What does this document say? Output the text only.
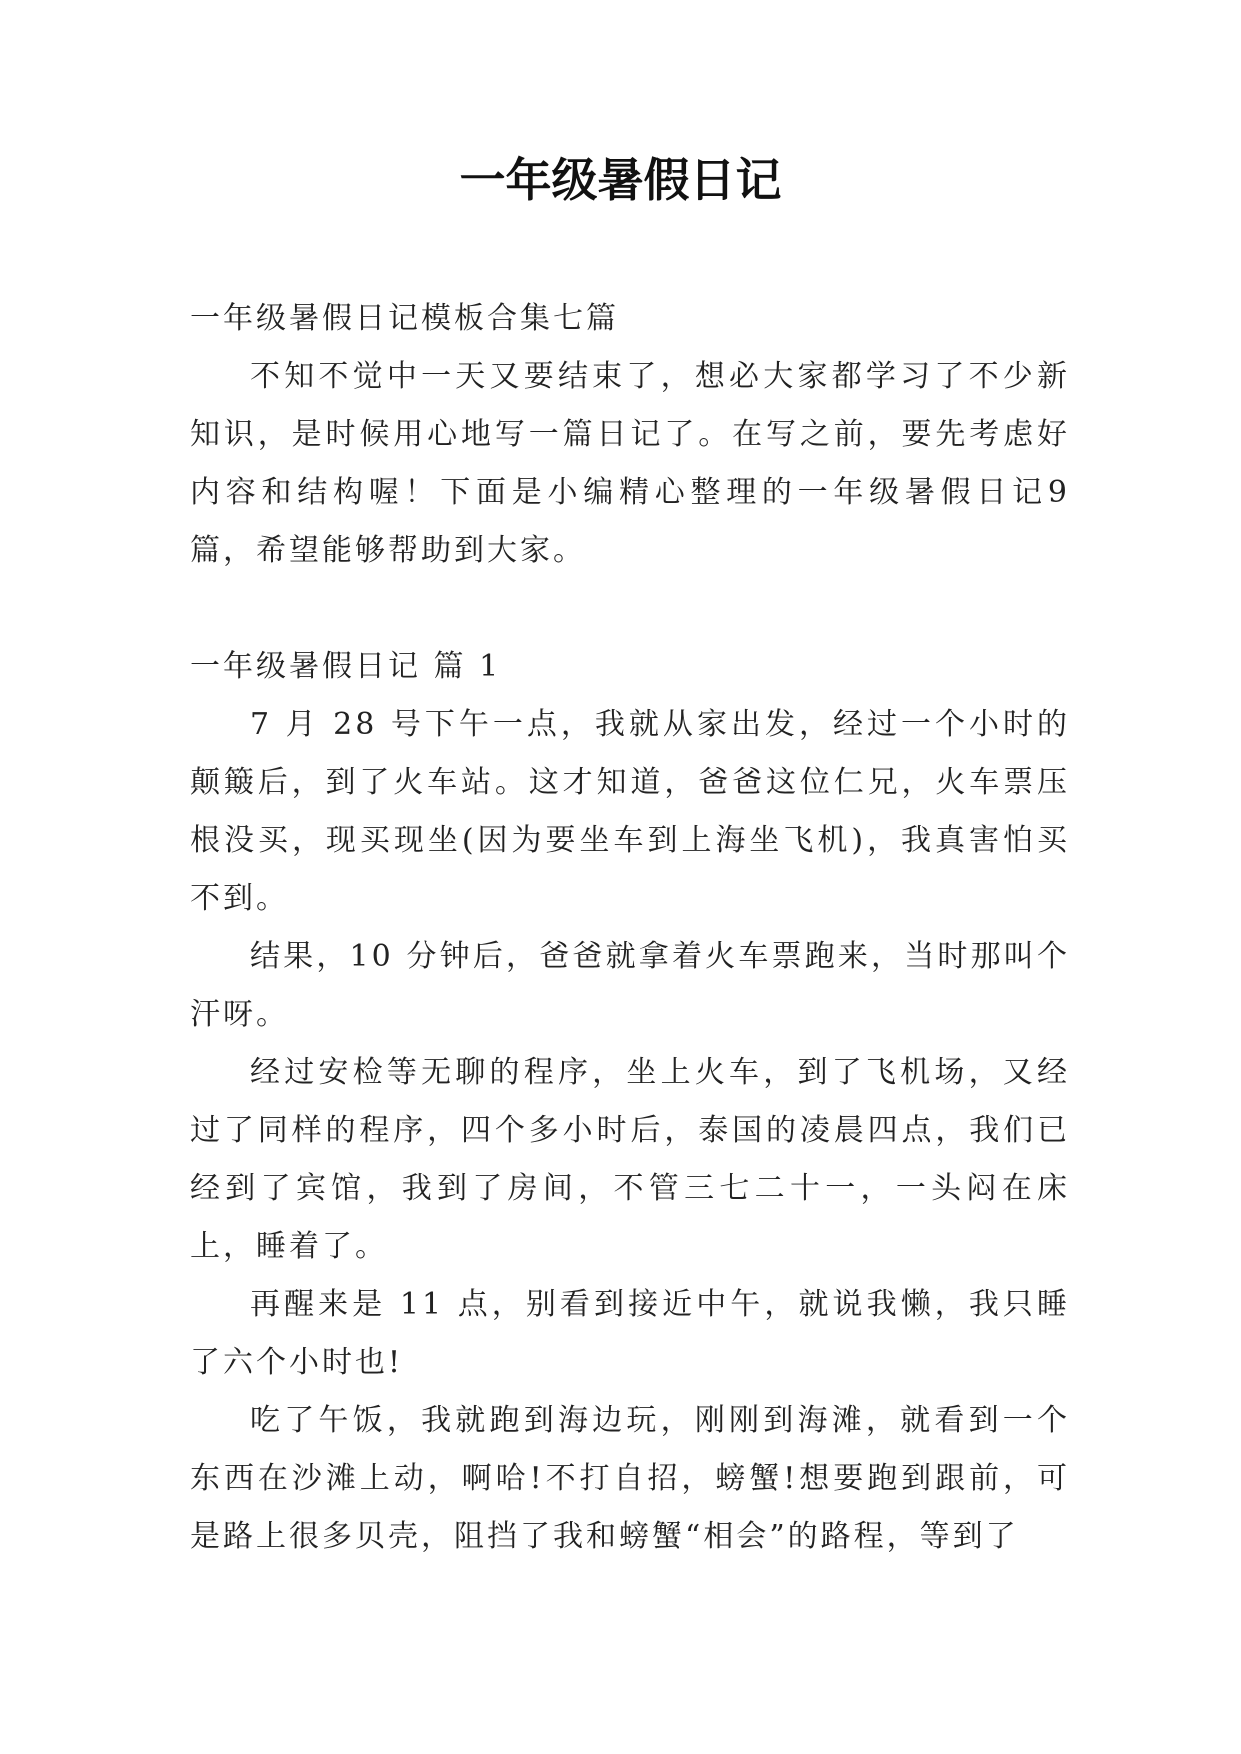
一年级暑假日记

一年级暑假日记模板合集七篇

不知不觉中一天又要结束了，想必大家都学习了不少新知识，是时候用心地写一篇日记了。在写之前，要先考虑好内容和结构喔！下面是小编精心整理的一年级暑假日记9篇，希望能够帮助到大家。

一年级暑假日记 篇 1

7 月 28 号下午一点，我就从家出发，经过一个小时的颠簸后，到了火车站。这才知道，爸爸这位仁兄，火车票压根没买，现买现坐(因为要坐车到上海坐飞机)，我真害怕买不到。

结果，10 分钟后，爸爸就拿着火车票跑来，当时那叫个汗呀。

经过安检等无聊的程序，坐上火车，到了飞机场，又经过了同样的程序，四个多小时后，泰国的凌晨四点，我们已经到了宾馆，我到了房间，不管三七二十一，一头闷在床上，睡着了。

再醒来是 11 点，别看到接近中午，就说我懒，我只睡了六个小时也!

吃了午饭，我就跑到海边玩，刚刚到海滩，就看到一个东西在沙滩上动，啊哈!不打自招，螃蟹!想要跑到跟前，可是路上很多贝壳，阻挡了我和螃蟹“相会”的路程，等到了
